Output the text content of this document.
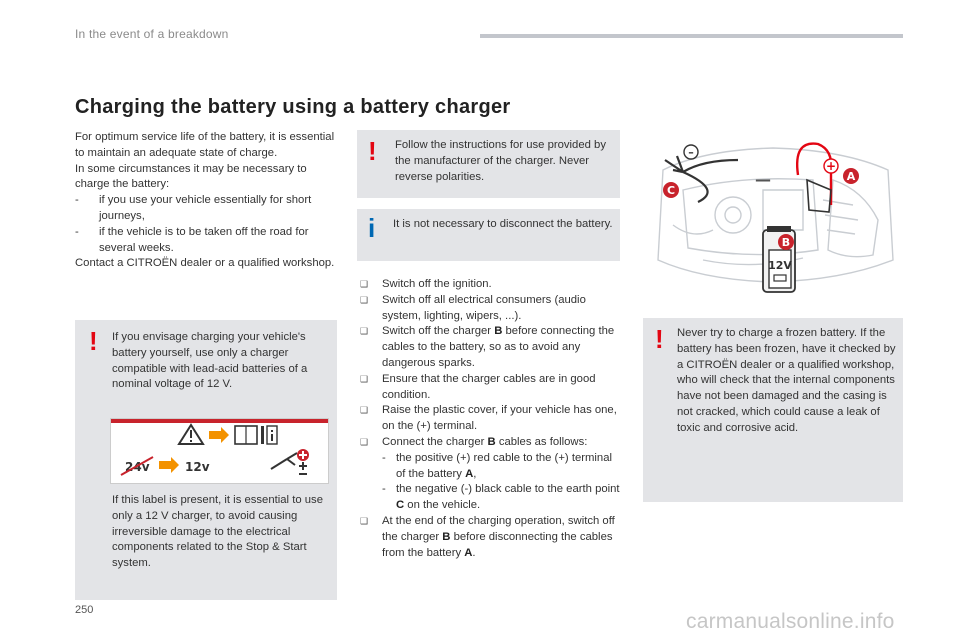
In the event of a breakdown
Charging the battery using a battery charger

For optimum service life of the battery, it is essential to maintain an adequate state of charge.

In some circumstances it may be necessary to charge the battery:

- if you use your vehicle essentially for short journeys,
- if the vehicle is to be taken off the road for several weeks.

Contact a CITROËN dealer or a qualified workshop.

! If you envisage charging your vehicle's battery yourself, use only a charger compatible with lead-acid batteries of a nominal voltage of 12 V.

24v	12v

If this label is present, it is essential to use only a 12 V charger, to avoid causing irreversible damage to the electrical components related to the Stop & Start system.

! Follow the instructions for use provided by the manufacturer of the charger. Never reverse polarities.

i It is not necessary to disconnect the battery.

❑ Switch off the ignition.
❑ Switch off all electrical consumers (audio system, lighting, wipers, ...).
❑ Switch off the charger B before connecting the cables to the battery, so as to avoid any dangerous sparks.
❑ Ensure that the charger cables are in good condition.
❑ Raise the plastic cover, if your vehicle has one, on the (+) terminal.
❑ Connect the charger B cables as follows:
- the positive (+) red cable to the (+) terminal of the battery A,
- the negative (-) black cable to the earth point C on the vehicle.
❑ At the end of the charging operation, switch off the charger B before disconnecting the cables from the battery A.
–
+
—	A
C
12V
B
! Never try to charge a frozen battery. If the battery has been frozen, have it checked by a CITROËN dealer or a qualified workshop, who will check that the internal components have not been damaged and the casing is not cracked, which could cause a leak of toxic and corrosive acid.

250	carmanualsonline.info
